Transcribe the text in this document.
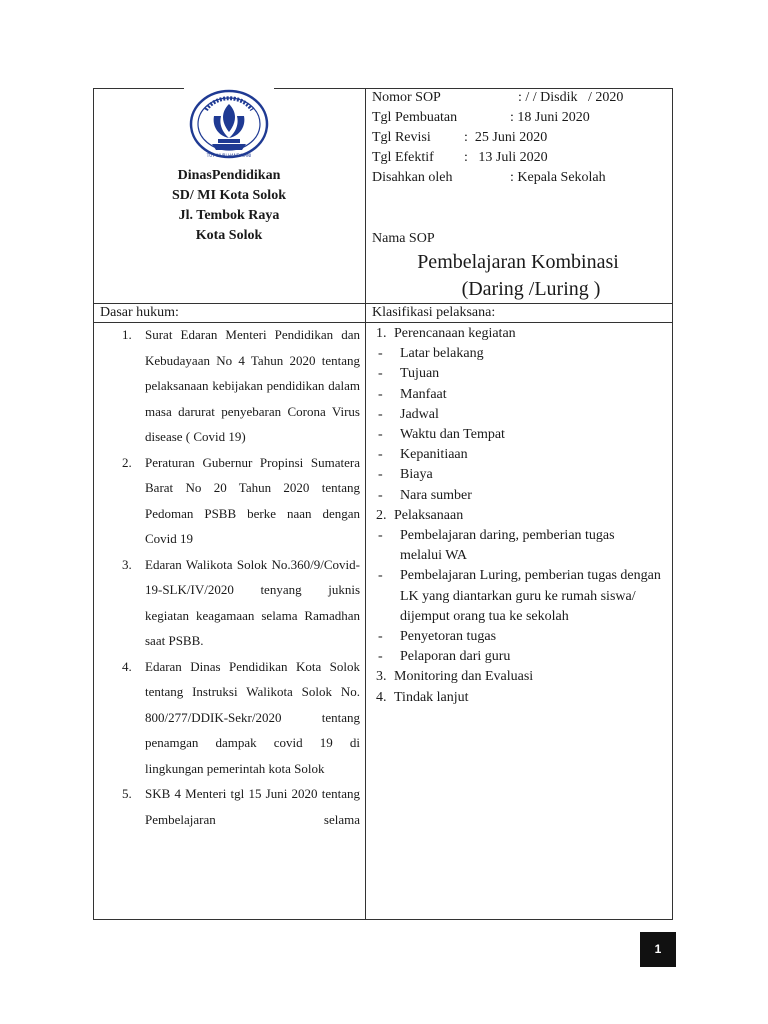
TUT WURI HANDAYANI
DinasPendidikan
SD/ MI Kota Solok
Jl. Tembok Raya
Kota Solok
Nomor SOP	: / / Disdik   / 2020
Tgl Pembuatan	: 18 Juni 2020
Tgl Revisi :  25 Juni 2020
Tgl Efektif :   13 Juli 2020
Disahkan oleh	: Kepala Sekolah
Nama SOP
Pembelajaran Kombinasi
(Daring /Luring )
Dasar hukum:	Klasifikasi pelaksana:
1. Surat Edaran Menteri Pendidikan dan Kebudayaan No 4 Tahun 2020 tentang pelaksanaan kebijakan pendidikan dalam masa darurat penyebaran Corona Virus disease ( Covid 19)
2. Peraturan Gubernur Propinsi Sumatera Barat No 20 Tahun 2020 tentang Pedoman PSBB berke naan dengan Covid 19
3. Edaran Walikota Solok No.360/9/Covid-19-SLK/IV/2020 tenyang juknis kegiatan keagamaan selama Ramadhan saat PSBB.
4. Edaran Dinas Pendidikan Kota Solok tentang Instruksi Walikota Solok No. 800/277/DDIK-Sekr/2020 tentang penamgan dampak covid 19 di lingkungan pemerintah kota Solok
5. SKB 4 Menteri tgl 15 Juni 2020 tentang Pembelajaran selama
1. Perencanaan kegiatan
- Latar belakang
- Tujuan
- Manfaat
- Jadwal
- Waktu dan Tempat
- Kepanitiaan
- Biaya
- Nara sumber
2. Pelaksanaan
- Pembelajaran daring, pemberian tugas melalui WA
- Pembelajaran Luring, pemberian tugas dengan LK yang diantarkan guru ke rumah siswa/ dijemput orang tua ke sekolah
- Penyetoran tugas
- Pelaporan dari guru
3. Monitoring dan Evaluasi
4. Tindak lanjut
1
